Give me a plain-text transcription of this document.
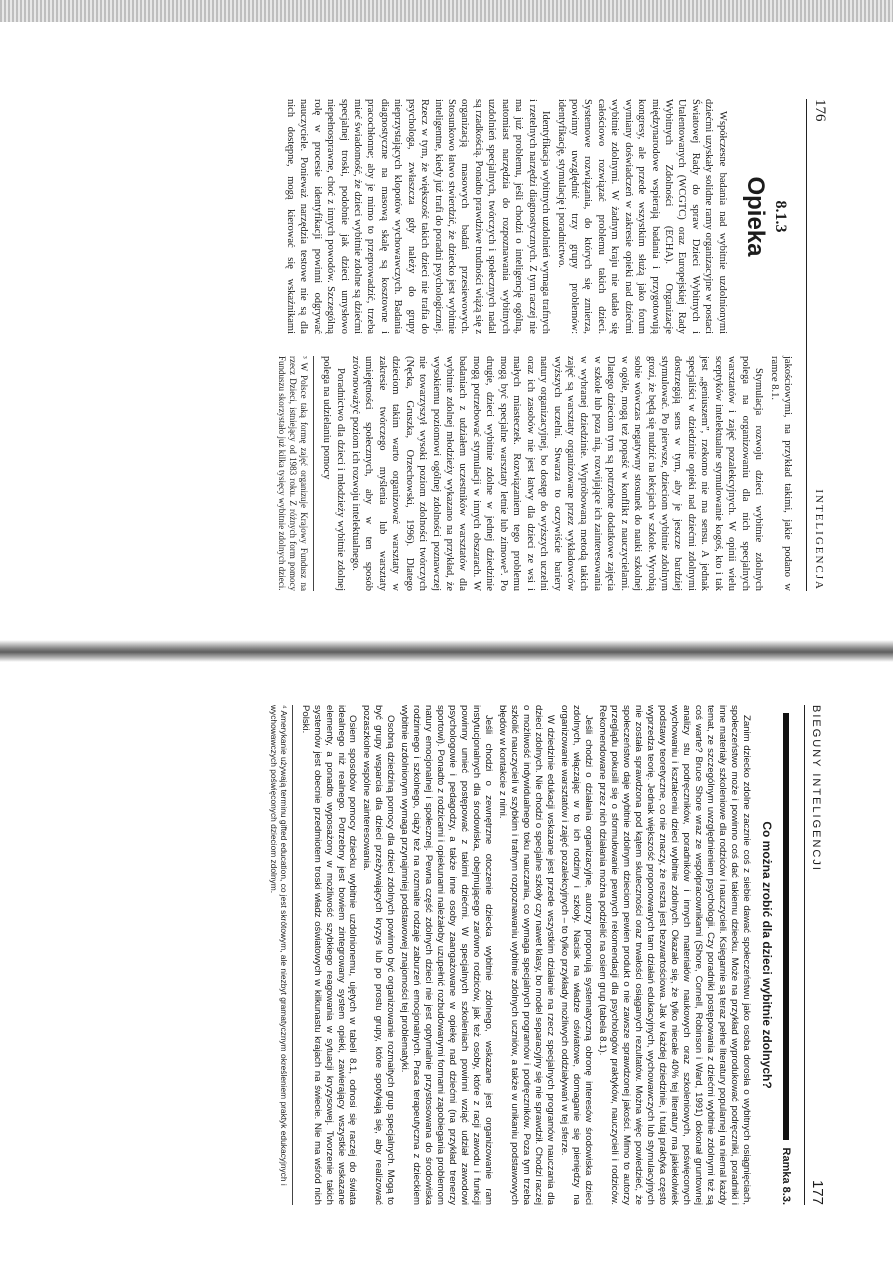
176
INTELIGENCJA
8.1.3
Opieka

Współczesne badania nad wybitnie uzdolnionymi dziećmi uzyskały solidne ramy organizacyjne w postaci Światowej Rady do spraw Dzieci Wybitnych i Utalentowanych (WCGTC) oraz Europejskiej Rady Wybitnych Zdolności (ECHA). Organizacje międzynarodowe wspierają badania i przygotowują kongresy, ale przede wszystkim służą jako forum wymiany doświadczeń w zakresie opieki nad dziećmi wybitnie zdolnymi. W żadnym kraju nie udało się całościowo rozwiązać problemu takich dzieci. Systemowe rozwiązania, do których się zmierza, powinny uwzględnić trzy grupy problemów: identyfikację, stymulację i poradnictwo.

Identyfikacja wybitnych uzdolnień wymaga trafnych i rzetelnych narzędzi diagnostycznych. Z tym raczej nie ma już problemu, jeśli chodzi o inteligencję ogólną, natomiast narzędzia do rozpoznawania wybitnych uzdolnień specjalnych, twórczych i społecznych nadal są rzadkością. Ponadto prawdziwe trudności wiążą się z organizacją masowych badań przesiewowych. Stosunkowo łatwo stwierdzić, że dziecko jest wybitnie inteligentne, kiedy już trafi do poradni psychologicznej. Rzecz w tym, że większość takich dzieci nie trafia do psychologa, zwłaszcza gdy należy do grupy nieprzystających klopotów wychowawczych. Badania diagnostyczne na masową skalę są kosztowne i pracochłonne; aby je mimo to przeprowadzić, trzeba mieć świadomość, że dzieci wybitnie zdolne są dziećmi specjalnej troski, podobnie jak dzieci umysłowo niepełnosprawne, choć z innych powodów. Szczególną rolę w procesie identyfikacji powinni odgrywać nauczyciele. Ponieważ narzędzia testowe nie są dla nich dostępne, mogą kierować się wskaźnikami jakościowymi, na przykład takimi, jakie podano w ramce 8.1.

Stymulacja rozwoju dzieci wybitnie zdolnych polega na organizowaniu dla nich specjalnych warsztatów i zajęć pozalekcyjnych. W opinii wielu sceptyków intelektualne stymulowanie kogoś, kto i tak jest „geniuszem”, rzekomo nie ma sensu. A jednak specjaliści w dziedzinie opieki nad dziećmi zdolnymi dostrzegają sens w tym, aby je jeszcze bardziej stymulować. Po pierwsze, dzieciom wybitnie zdolnym grozi, że będą się nudzić na lekcjach w szkole. Wyrobią sobie wówczas negatywny stosunek do nauki szkolnej w ogóle, mogą też popaść w konflikt z nauczycielami. Dlatego dzieciom tym są potrzebne dodatkowe zajęcia w szkole lub poza nią, rozwijające ich zainteresowania w wybranej dziedzinie. Wypróbowaną metodą takich zajęć są warsztaty organizowane przez wykładowców wyższych uczelni. Stwarza to oczywiście bariery natury organizacyjnej, bo dostęp do wyższych uczelni oraz ich zasobów nie jest łatwy dla dzieci ze wsi i małych miasteczek. Rozwiązaniem tego problemu mogą być specjalne warsztaty letnie lub zimowe³. Po drugie, dzieci wybitnie zdolne w jednej dziedzinie mogą potrzebować stymulacji w innych obszarach. W badaniach z udziałem uczestników warsztatów dla wybitnie zdolnej młodzieży wykazano na przykład, że wysokiemu poziomowi ogólnej zdolności poznawczej nie towarzyszył wysoki poziom zdolności twórczych (Nęcka, Gruszka, Orzechowski, 1996). Dlatego dzieciom takim warto organizować warsztaty w zakresie twórczego myślenia lub warsztaty umiejętności społecznych, aby w ten sposób zrównoważyć poziom ich rozwoju intelektualnego.

Poradnictwo dla dzieci i młodzieży wybitnie zdolnej polega na udzielaniu pomocy

³ W Polsce taką formę zajęć organizuje Krajowy Fundusz na rzecz Dzieci, istniejący od 1983 roku. Z różnych form pomocy Funduszu skorzystało już kilka tysięcy wybitnie zdolnych dzieci.
BIEGUNY INTELIGENCJI
177
Ramka 8.3.
Co można zrobić dla dzieci wybitnie zdolnych?

Zanim dziecko zdolne zacznie coś z siebie dawać społeczeństwu jako osoba dorosła o wybitnych osiągnięciach, społeczeństwo może i powinno coś dać takiemu dziecku. Może na przykład wyprodukować podręczniki, poradniki i inne materiały szkoleniowe dla rodziców i nauczycieli. Księgarnie są teraz pełne literatury popularnej na niemal każdy temat, ze szczególnym uwzględnieniem psychologii. Czy poradniki postępowania z dziećmi wybitnie zdolnymi też są coś warte? Bruce Shore wraz ze współpracownikami (Shore, Cornell, Robinson i Ward, 1991) dokonał gruntownej analizy stu podręczników, poradników i innych materiałów naukowych oraz szkoleniowych, poświęconych wychowaniu i kształceniu dzieci wybitnie zdolnych. Okazało się, że tylko niecałe 40% tej literatury ma jakiekolwiek podstawy teoretyczne, co nie znaczy, że reszta jest bezwartościowa. Jak w każdej dziedzinie, i tutaj praktyka często wyprzedza teorię. Jednak większość proponowanych tam działań edukacyjnych, wychowawczych lub stymulacyjnych nie została sprawdzona pod kątem skuteczności oraz trwałości osiąganych rezultatów. Można więc powiedzieć, że społeczeństwo daje wybitnie zdolnym dzieciom pewien produkt o nie zawsze sprawdzonej jakości. Mimo to autorzy przeglądu pokusili się o sformułowanie pewnych rekomendacji dla psychologów praktyków, nauczycieli i rodziców. Rekomendowane przez nich działania można podzielić na osiem grup (tabela 8.1).

Jeśli chodzi o działania organizacyjne, autorzy proponują systematyczną obronę interesów środowiska dzieci zdolnych, włączając w to ich rodziny i szkoły. Nacisk na władze oświatowe, domaganie się pieniędzy na organizowanie warsztatów i zajęć pozalekcyjnych – to tylko przykłady możliwych oddziaływań w tej sferze.

W dziedzinie edukacji wskazane jest przede wszystkim działanie na rzecz specjalnych programów nauczania dla dzieci zdolnych. Nie chodzi o specjalne szkoły czy nawet klasy, bo model separacyjny się nie sprawdził. Chodzi raczej o możliwość indywidualnego toku nauczania, co wymaga specjalnych programów i podręczników. Poza tym trzeba szkolić nauczycieli w szybkim i trafnym rozpoznawaniu wybitnie zdolnych uczniów, a także w unikaniu podstawowych błędów w kontakcie z nimi.

Jeśli chodzi o zewnętrzne otoczenie dziecka wybitnie zdolnego, wskazane jest organizowanie ram instytucjonalnych dla środowiska, obejmującego zarówno rodziców, jak też osoby, które z racji zawodu i funkcji powinny umieć postępować z takimi dziećmi. W specjalnych szkoleniach powinni wziąć udział zawodowi psychologowie i pedagodzy, a także inne osoby zaangażowane w opiekę nad dziećmi (na przykład trenerzy sportowi). Ponadto z rodzicami i opiekunami należałoby uzupełnić rozbudowanymi formami zapobiegania problemom natury emocjonalnej i społecznej. Pewna część zdolnych dzieci nie jest optymalnie przystosowana do środowiska rodzinnego i szkolnego, ciąży też na rozmaite rodzaje zaburzeń emocjonalnych. Praca terapeutyczna z dzieckiem wybitnie uzdolnionym wymaga przynajmniej podstawowej znajomości tej problematyki.

Osobną dziedziną pomocy dla dzieci zdolnych powinno być organizowanie rozmaitych grup specjalnych. Mogą to być grupy wsparcia dla dzieci przeżywających kryzys lub po prostu grupy, które spotykają się, aby realizować pozaszkolne wspólne zainteresowania.

Osiem sposobów pomocy dziecku wybitnie uzdolnionemu, ujętych w tabeli 8.1, odnosi się raczej do świata idealnego niż realnego. Potrzebny jest bowiem zintegrowany system opieki, zawierający wszystkie wskazane elementy, a ponadto wyposażony w możliwość szybkiego reagowania w sytuacji kryzysowej. Tworzenie takich systemów jest obecnie przedmiotem troski władz oświatowych w kilkunastu krajach na świecie. Nie ma wśród nich Polski.

⁴ Amerykanie używają terminu gifted education, co jest skrótowym, ale niezbyt gramatycznym określeniem praktyk edukacyjnych i wychowawczych poświęconych dzieciom zdolnym.
